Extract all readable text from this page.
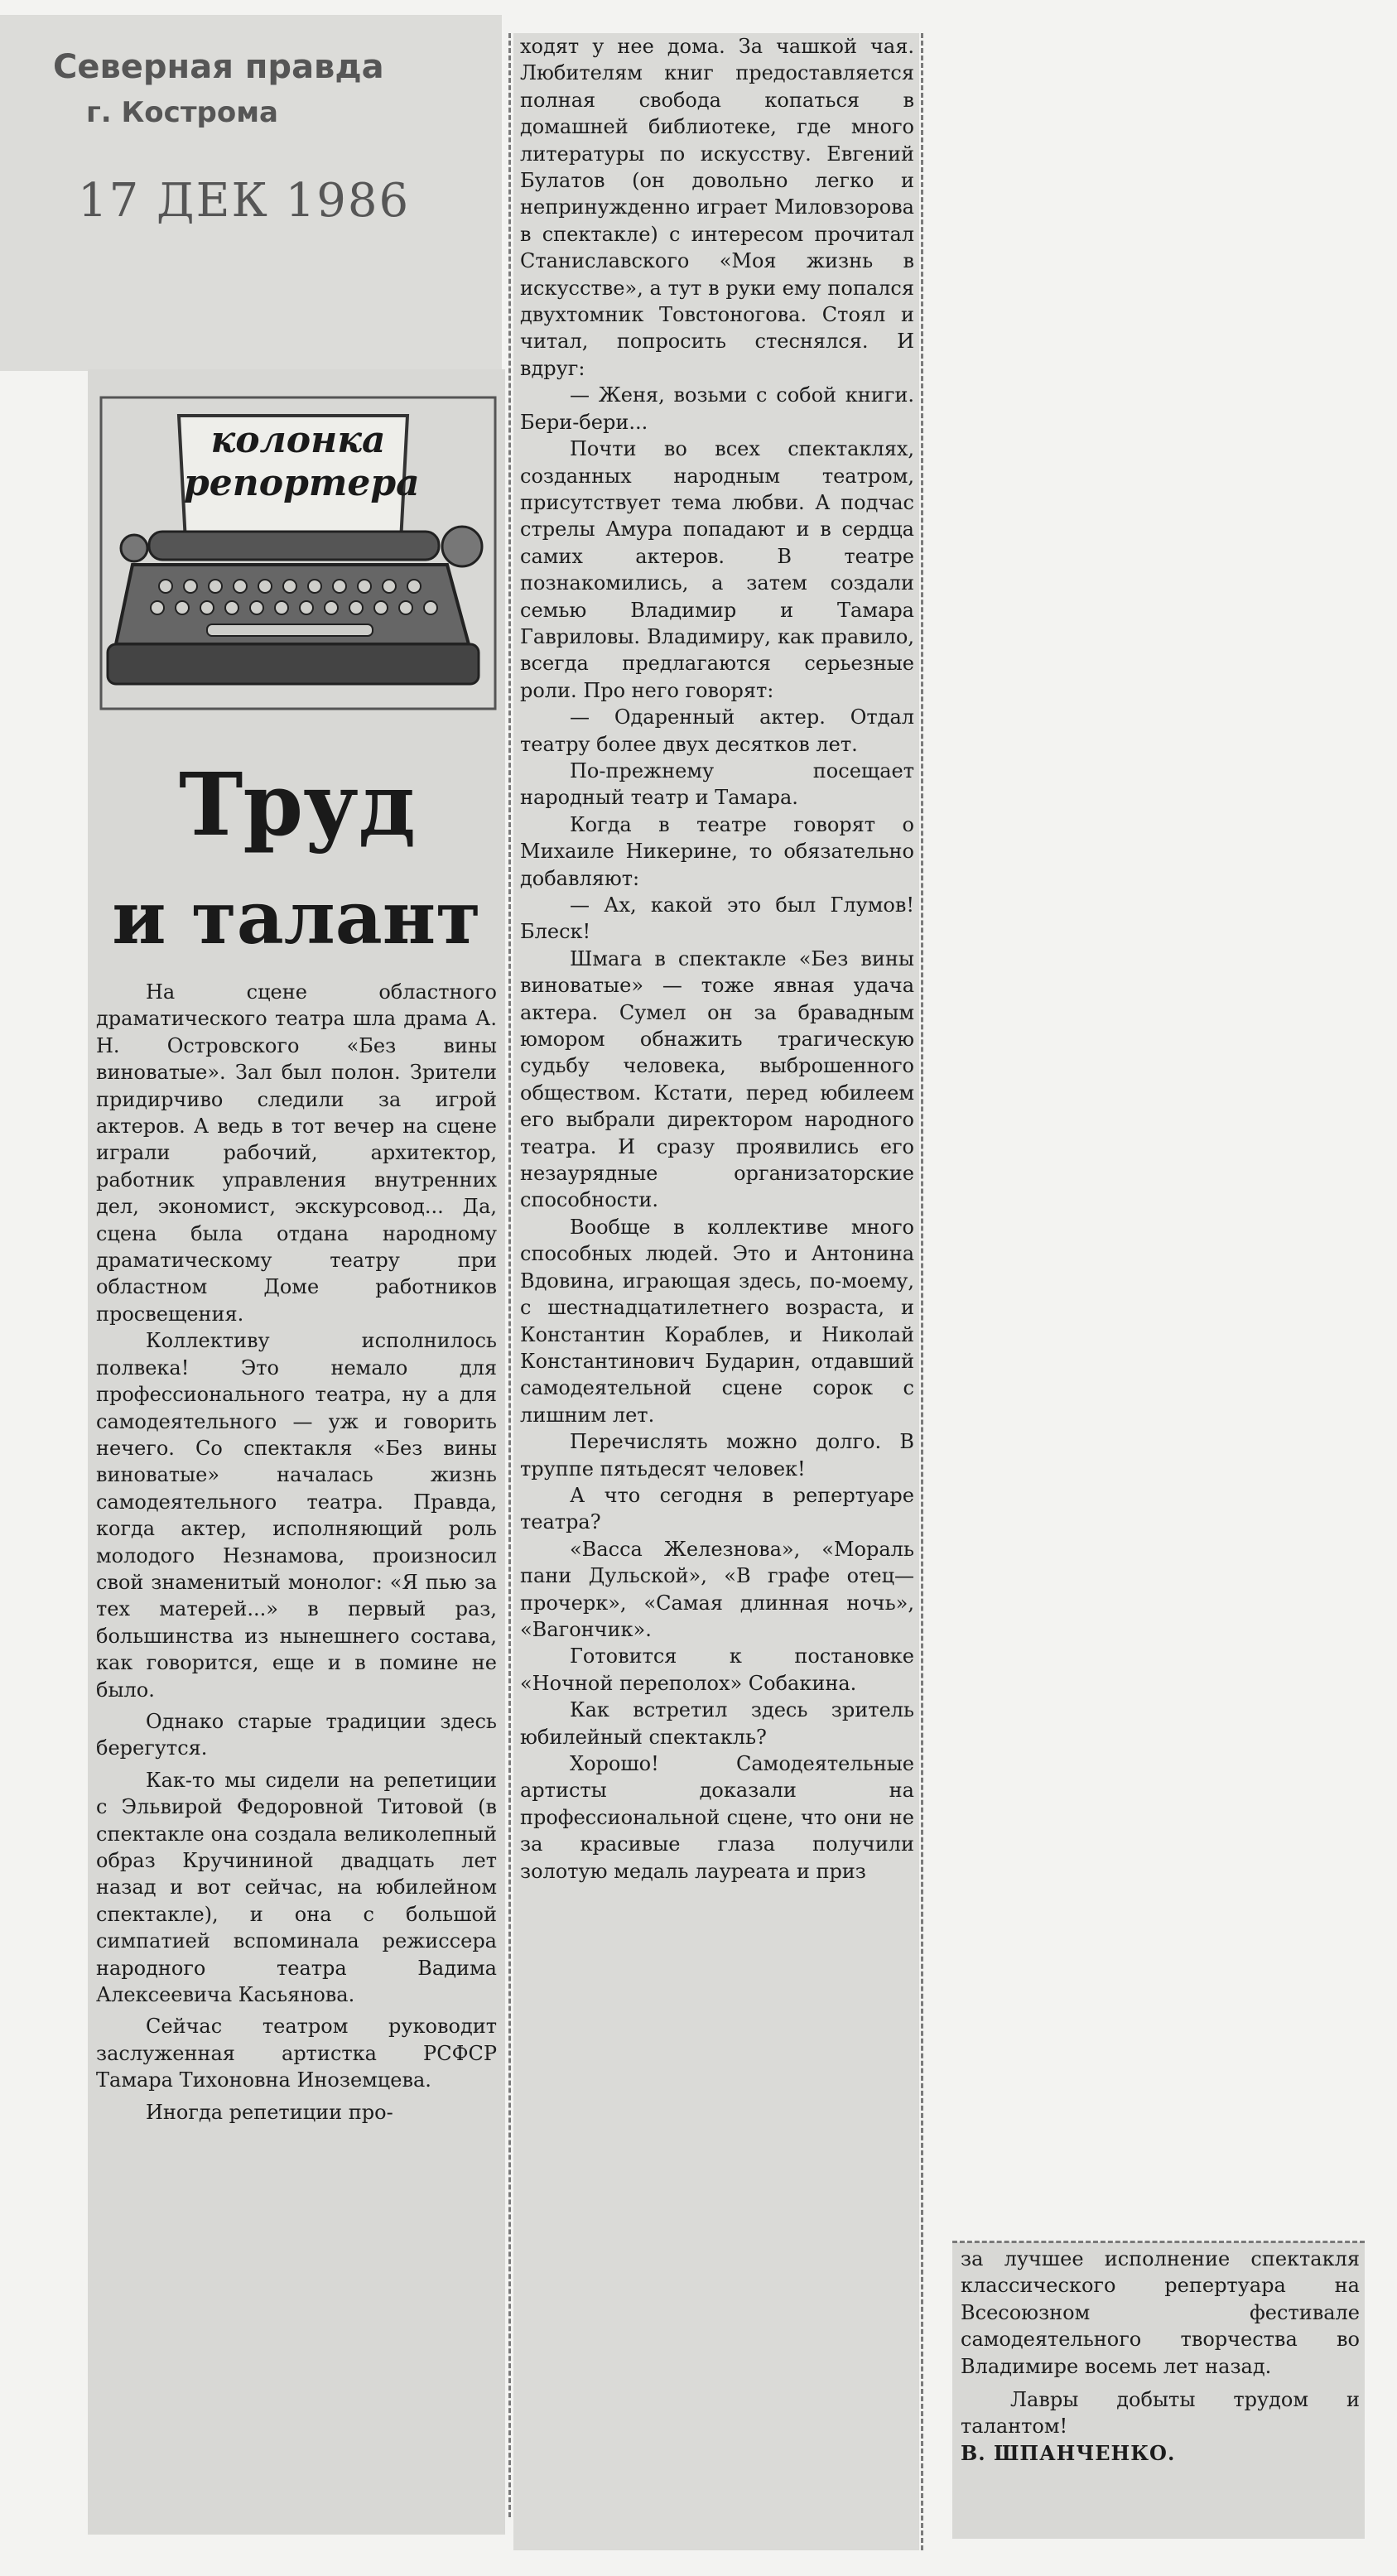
Северная правда
г. Кострома
17 ДЕК 1986
колонка
репортера
Труд
и талант

На сцене областного драматического театра шла драма А. Н. Островского «Без вины виноватые». Зал был полон. Зрители придирчиво следили за игрой актеров. А ведь в тот вечер на сцене играли рабочий, архитектор, работник управления внутренних дел, экономист, экскурсовод... Да, сцена была отдана народному драматическому театру при областном Доме работников просвещения.

Коллективу исполнилось полвека! Это немало для профессионального театра, ну а для самодеятельного — уж и говорить нечего. Со спектакля «Без вины виноватые» началась жизнь самодеятельного театра. Правда, когда актер, исполняющий роль молодого Незнамова, произносил свой знаменитый монолог: «Я пью за тех матерей...» в первый раз, большинства из нынешнего состава, как говорится, еще и в помине не было.

Однако старые традиции здесь берегутся.

Как-то мы сидели на репетиции с Эльвирой Федоровной Титовой (в спектакле она создала великолепный образ Кручининой двадцать лет назад и вот сейчас, на юбилейном спектакле), и она с большой симпатией вспоминала режиссера народного театра Вадима Алексеевича Касьянова.

Сейчас театром руководит заслуженная артистка РСФСР Тамара Тихоновна Иноземцева.

Иногда репетиции про-

ходят у нее дома. За чашкой чая. Любителям книг предоставляется полная свобода копаться в домашней библиотеке, где много литературы по искусству. Евгений Булатов (он довольно легко и непринужденно играет Миловзорова в спектакле) с интересом прочитал Станиславского «Моя жизнь в искусстве», а тут в руки ему попался двухтомник Товстоногова. Стоял и читал, попросить стеснялся. И вдруг:

— Женя, возьми с собой книги. Бери-бери...

Почти во всех спектаклях, созданных народным театром, присутствует тема любви. А подчас стрелы Амура попадают и в сердца самих актеров. В театре познакомились, а затем создали семью Владимир и Тамара Гавриловы. Владимиру, как правило, всегда предлагаются серьезные роли. Про него говорят:

— Одаренный актер. Отдал театру более двух десятков лет.

По-прежнему посещает народный театр и Тамара.

Когда в театре говорят о Михаиле Никерине, то обязательно добавляют:

— Ах, какой это был Глумов! Блеск!

Шмага в спектакле «Без вины виноватые» — тоже явная удача актера. Сумел он за бравадным юмором обнажить трагическую судьбу человека, выброшенного обществом. Кстати, перед юбилеем его выбрали директором народного театра. И сразу проявились его незаурядные организаторские способности.

Вообще в коллективе много способных людей. Это и Антонина Вдовина, играющая здесь, по-моему, с шестнадцатилетнего возраста, и Константин Кораблев, и Николай Константинович Бударин, отдавший самодеятельной сцене сорок с лишним лет.

Перечислять можно долго. В труппе пятьдесят человек!

А что сегодня в репертуаре театра?

«Васса Железнова», «Мораль пани Дульской», «В графе отец—прочерк», «Самая длинная ночь», «Вагончик».

Готовится к постановке «Ночной переполох» Собакина.

Как встретил здесь зритель юбилейный спектакль?

Хорошо! Самодеятельные артисты доказали на профессиональной сцене, что они не за красивые глаза получили золотую медаль лауреата и приз

за лучшее исполнение спектакля классического репертуара на Всесоюзном фестивале самодеятельного творчества во Владимире восемь лет назад.

Лавры добыты трудом и талантом!

В. ШПАНЧЕНКО.
